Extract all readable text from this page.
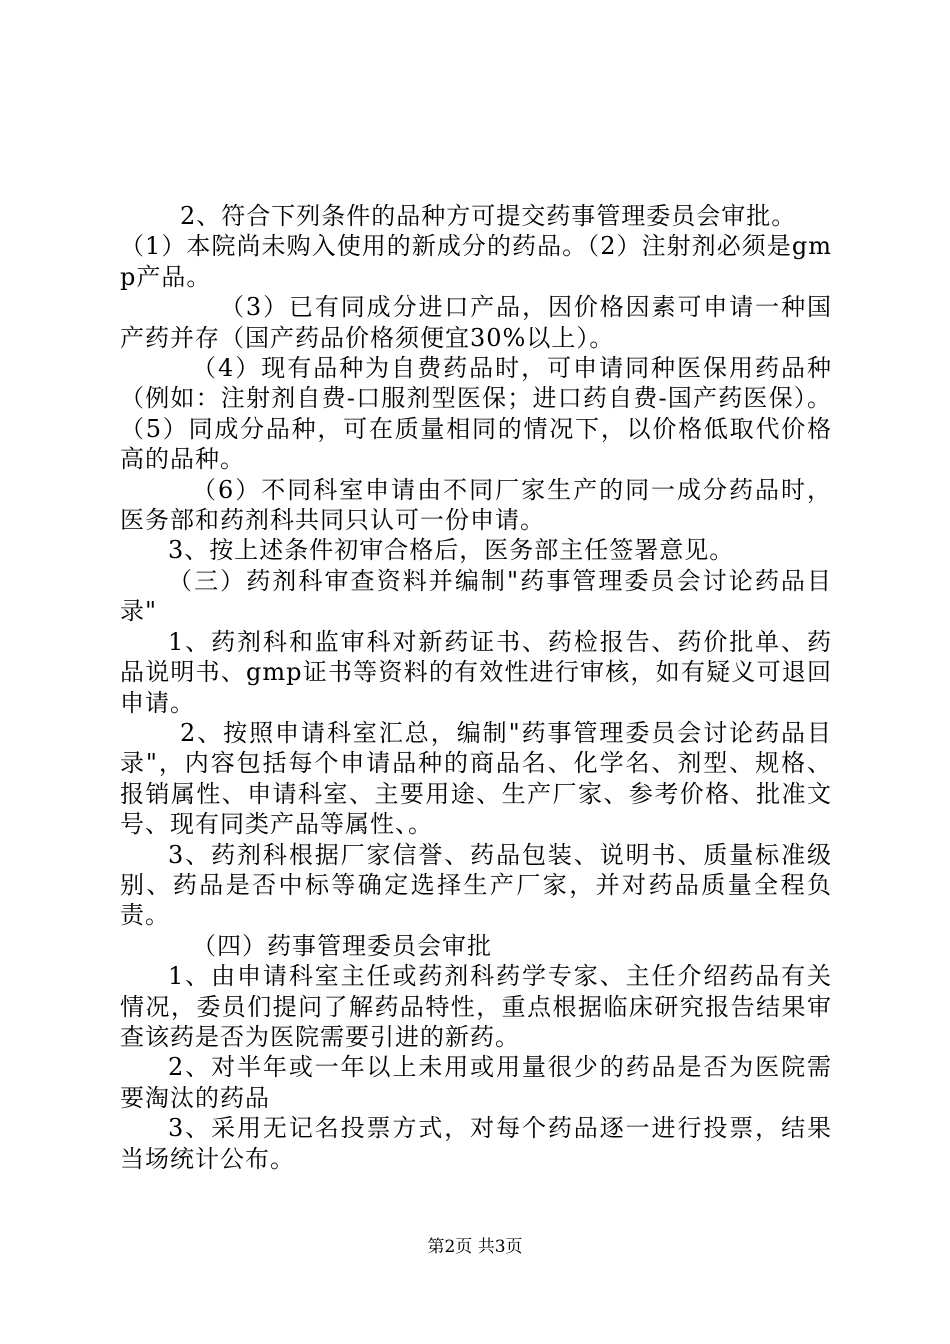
2、符合下列条件的品种方可提交药事管理委员会审批。

（1）本院尚未购入使用的新成分的药品。（2）注射剂必须是gmp产品。

（3）已有同成分进口产品，因价格因素可申请一种国产药并存（国产药品价格须便宜30%以上）。

（4）现有品种为自费药品时，可申请同种医保用药品种（例如：注射剂自费-口服剂型医保；进口药自费-国产药医保）。（5）同成分品种，可在质量相同的情况下，以价格低取代价格高的品种。

（6）不同科室申请由不同厂家生产的同一成分药品时，医务部和药剂科共同只认可一份申请。

3、按上述条件初审合格后，医务部主任签署意见。

（三）药剂科审查资料并编制"药事管理委员会讨论药品目录"

1、药剂科和监审科对新药证书、药检报告、药价批单、药品说明书、gmp证书等资料的有效性进行审核，如有疑义可退回申请。

2、按照申请科室汇总，编制"药事管理委员会讨论药品目录"，内容包括每个申请品种的商品名、化学名、剂型、规格、报销属性、申请科室、主要用途、生产厂家、参考价格、批准文号、现有同类产品等属性、。

3、药剂科根据厂家信誉、药品包装、说明书、质量标准级别、药品是否中标等确定选择生产厂家，并对药品质量全程负责。

（四）药事管理委员会审批

1、由申请科室主任或药剂科药学专家、主任介绍药品有关情况，委员们提问了解药品特性，重点根据临床研究报告结果审查该药是否为医院需要引进的新药。

2、对半年或一年以上未用或用量很少的药品是否为医院需要淘汰的药品

3、采用无记名投票方式，对每个药品逐一进行投票，结果当场统计公布。

第2页 共3页
